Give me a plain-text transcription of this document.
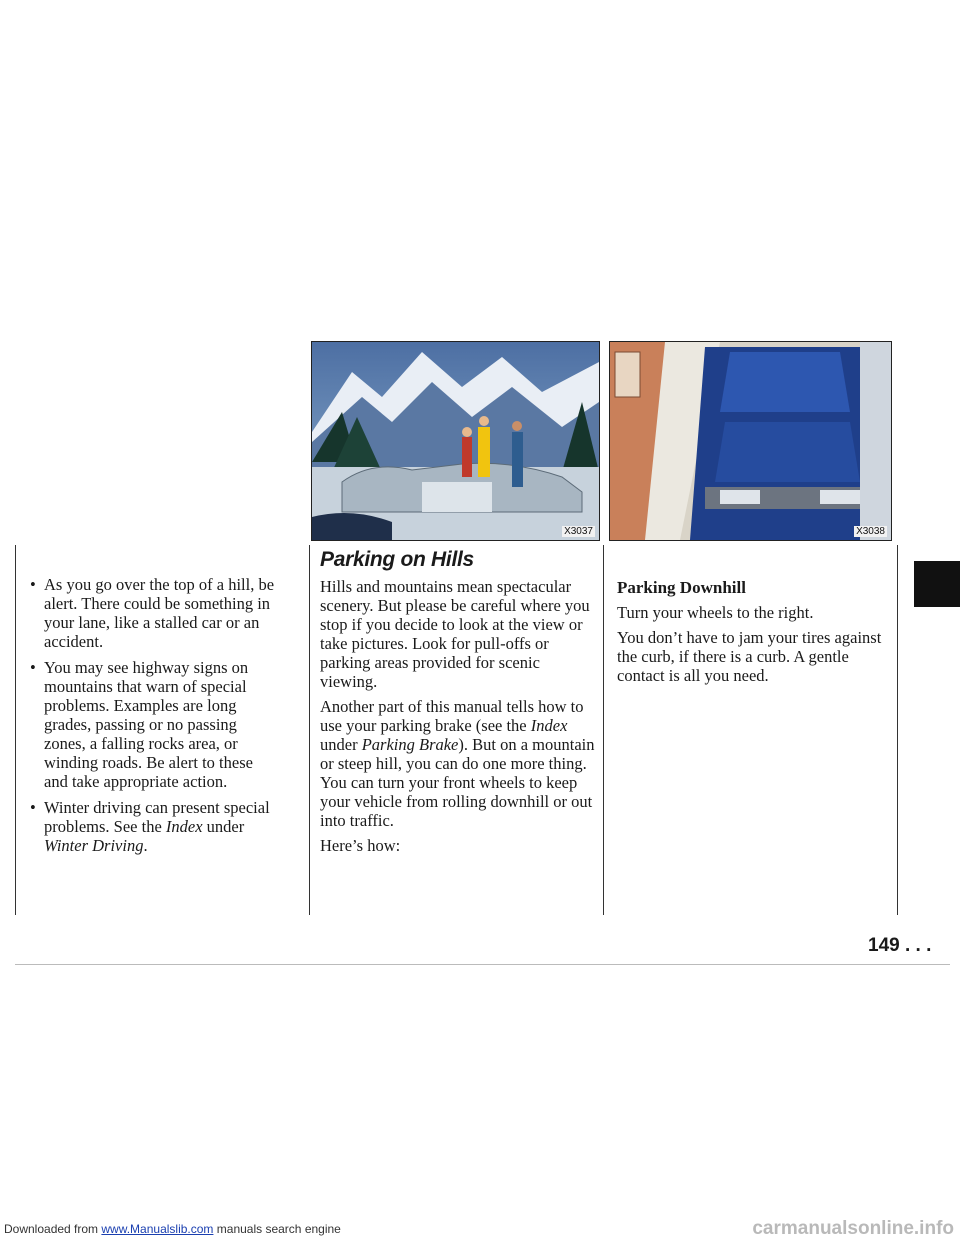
Downloaded from www.Manualslib.com manuals search engine
X3037	X3038
• As you go over the top of a hill, be alert. There could be something in your lane, like a stalled car or an accident.
• You may see highway signs on mountains that warn of special problems. Examples are long grades, passing or no passing zones, a falling rocks area, or winding roads. Be alert to these and take appropriate action.
• Winter driving can present special problems. See the Index under Winter Driving.
Parking on Hills

Hills and mountains mean spectacular scenery. But please be careful where you stop if you decide to look at the view or take pictures. Look for pull-offs or parking areas provided for scenic viewing.

Another part of this manual tells how to use your parking brake (see the Index under Parking Brake). But on a mountain or steep hill, you can do one more thing. You can turn your front wheels to keep your vehicle from rolling downhill or out into traffic.

Here’s how:

Parking Downhill

Turn your wheels to the right.

You don’t have to jam your tires against the curb, if there is a curb. A gentle contact is all you need.

149 . . .
carmanualsonline.info
